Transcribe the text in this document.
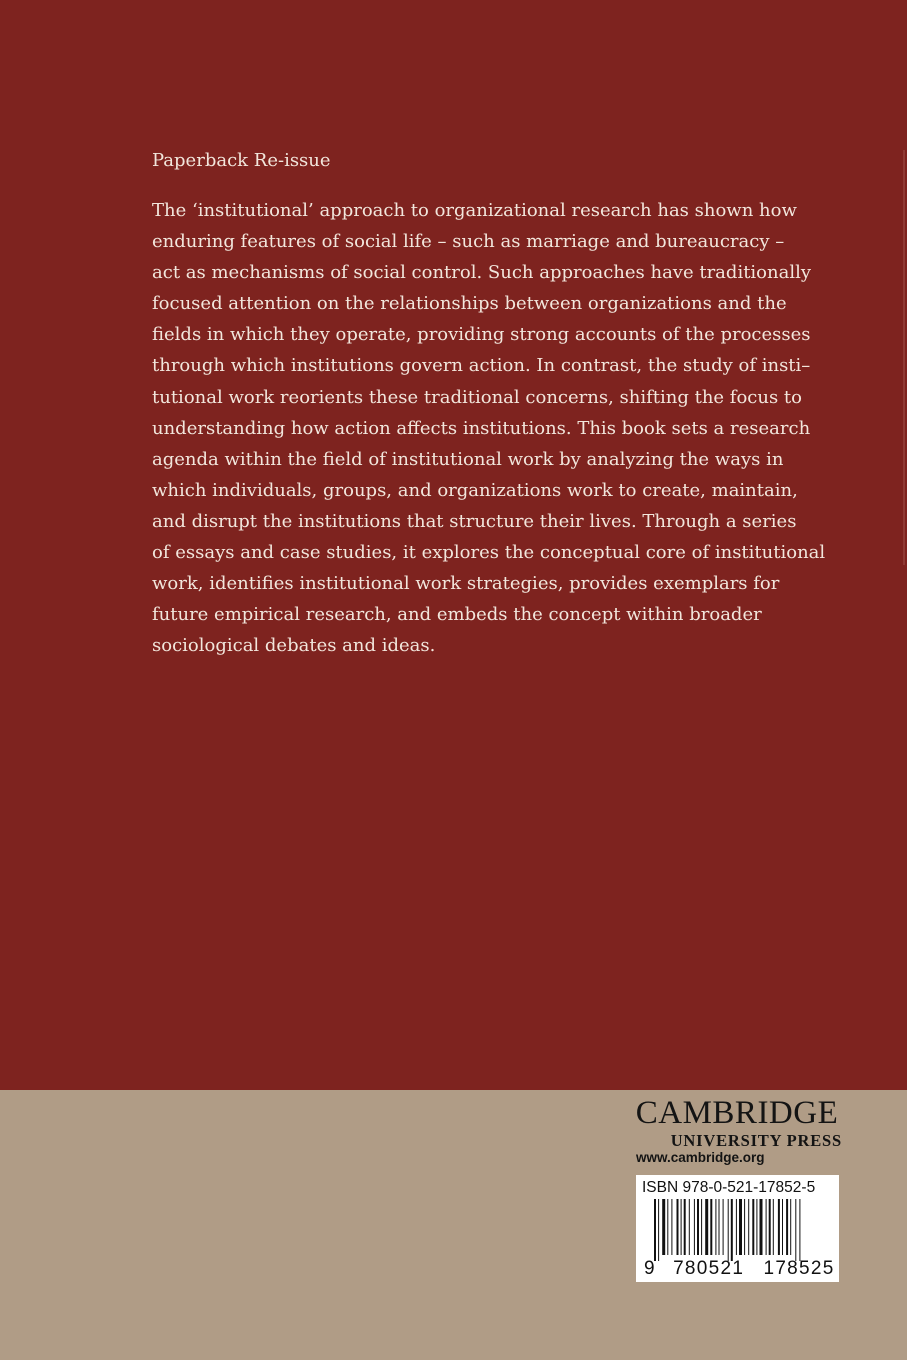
Paperback Re-issue

The ‘institutional’ approach to organizational research has shown how
enduring features of social life – such as marriage and bureaucracy –
act as mechanisms of social control. Such approaches have traditionally
focused attention on the relationships between organizations and the
fields in which they operate, providing strong accounts of the processes
through which institutions govern action. In contrast, the study of insti–
tutional work reorients these traditional concerns, shifting the focus to
understanding how action affects institutions. This book sets a research
agenda within the field of institutional work by analyzing the ways in
which individuals, groups, and organizations work to create, maintain,
and disrupt the institutions that structure their lives. Through a series
of essays and case studies, it explores the conceptual core of institutional
work, identifies institutional work strategies, provides exemplars for
future empirical research, and embeds the concept within broader
sociological debates and ideas.

CAMBRIDGE

UNIVERSITY PRESS

www.cambridge.org
ISBN 978-0-521-17852-5
9 780521 178525
